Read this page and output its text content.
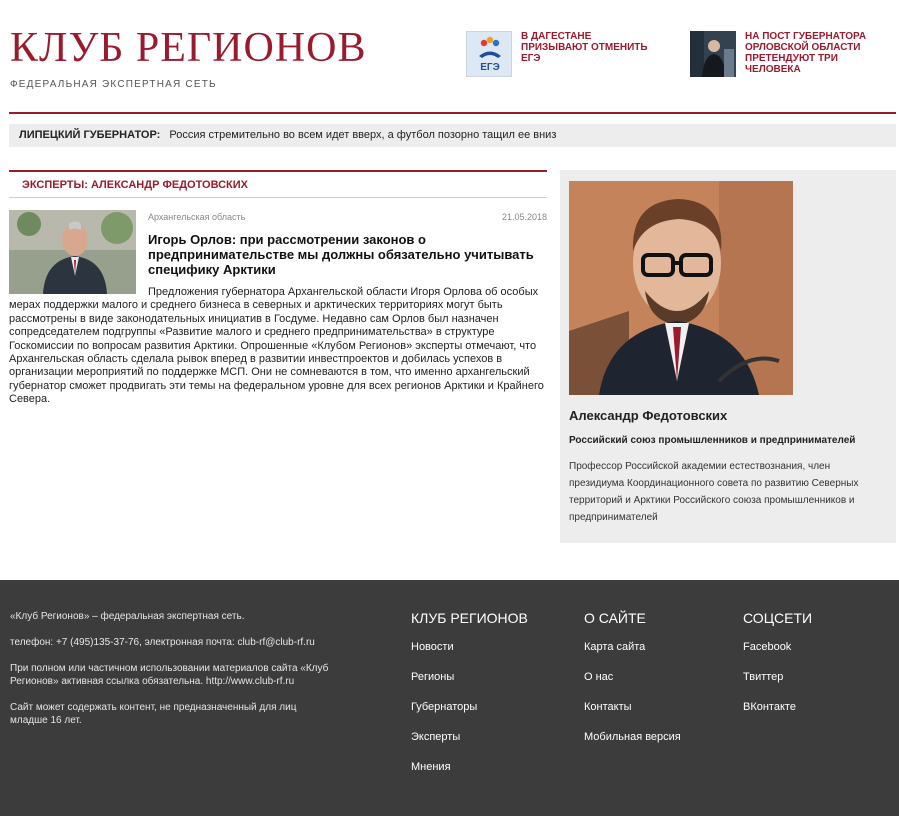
КЛУБ РЕГИОНОВ
ФЕДЕРАЛЬНАЯ ЭКСПЕРТНАЯ СЕТЬ
ЕГЭ
В ДАГЕСТАНЕ ПРИЗЫВАЮТ ОТМЕНИТЬ ЕГЭ
НА ПОСТ ГУБЕРНАТОРА ОРЛОВСКОЙ ОБЛАСТИ ПРЕТЕНДУЮТ ТРИ ЧЕЛОВЕКА
ЛИПЕЦКИЙ ГУБЕРНАТОР: Россия стремительно во всем идет вверх, а футбол позорно тащил ее вниз
ЭКСПЕРТЫ: АЛЕКСАНДР ФЕДОТОВСКИХ
Архангельская область	21.05.2018
Игорь Орлов: при рассмотрении законов о предпринимательстве мы должны обязательно учитывать специфику Арктики
Предложения губернатора Архангельской области Игоря Орлова об особых мерах поддержки малого и среднего бизнеса в северных и арктических территориях могут быть рассмотрены в виде законодательных инициатив в Госдуме. Недавно сам Орлов был назначен сопредседателем подгруппы «Развитие малого и среднего предпринимательства» в структуре Госкомиссии по вопросам развития Арктики. Опрошенные «Клубом Регионов» эксперты отмечают, что Архангельская область сделала рывок вперед в развитии инвестпроектов и добилась успехов в организации мероприятий по поддержке МСП. Они не сомневаются в том, что именно архангельский губернатор сможет продвигать эти темы на федеральном уровне для всех регионов Арктики и Крайнего Севера.
Александр Федотовских
Российский союз промышленников и предпринимателей
Профессор Российской академии естествознания, член президиума Координационного совета по развитию Северных территорий и Арктики Российского союза промышленников и предпринимателей

«Клуб Регионов» – федеральная экспертная сеть.

телефон: +7 (495)135-37-76, электронная почта: club-rf@club-rf.ru

При полном или частичном использовании материалов сайта «Клуб Регионов» активная ссылка обязательна. http://www.club-rf.ru

Сайт может содержать контент, не предназначенный для лиц младше 16 лет.

КЛУБ РЕГИОНОВ
Новости
Регионы
Губернаторы
Эксперты
Мнения
О САЙТЕ
Карта сайта
О нас
Контакты
Мобильная версия
СОЦСЕТИ
Facebook
Твиттер
ВКонтакте
